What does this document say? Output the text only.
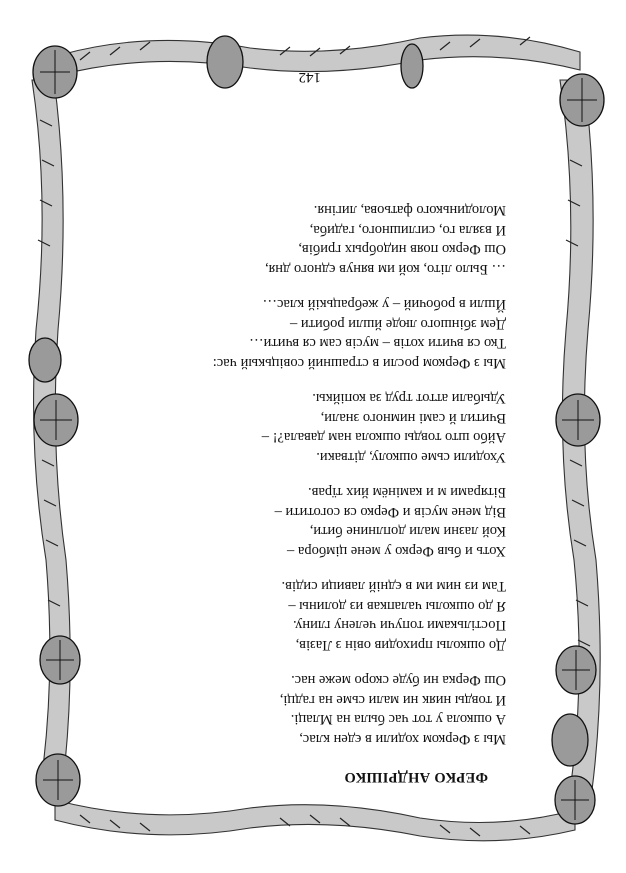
ФЕРКО АНДРІШКО
Мы з Ферком ходили в єден клас,
А ошкола у тот час была на Млаці.
И товды нияк ни мали сьме на гадці,
Ош Ферка ни буде скоро меже нас.
До ошколы приходив овін з Лазів,
Постільками топучи челену глину.
Я до ошколы чалапкав из долины –
Там из ним им в єдній лавици сидів.
Хоть и быв Ферко у мене цімбора –
Кой лазни мали доплнине бити,
Від мене мусів и Ферко ся соготити –
Бітярами м и камінём йих тїрав.
Уходили сьме ошколу, дітваки.
Айбо што товды ошкола нам давала?! –
Вчитил й самі нимного знали,
Удыбали аттот труд за копійкы.
Мы з Ферком росли в страшний совіцькый час:
Тко ся вчити хотів – мусів сам ся вчити…
Дем збіншого люде йшли робити –
Йшли в робочий – у жебрацькій клас…
… Было літо, кой им вянув єдного дня,
Ош Ферко появ нидобрых грибів,
И взяла го, сиглишного, гадиба,
Молодинького фатьова, лигіня.
142
